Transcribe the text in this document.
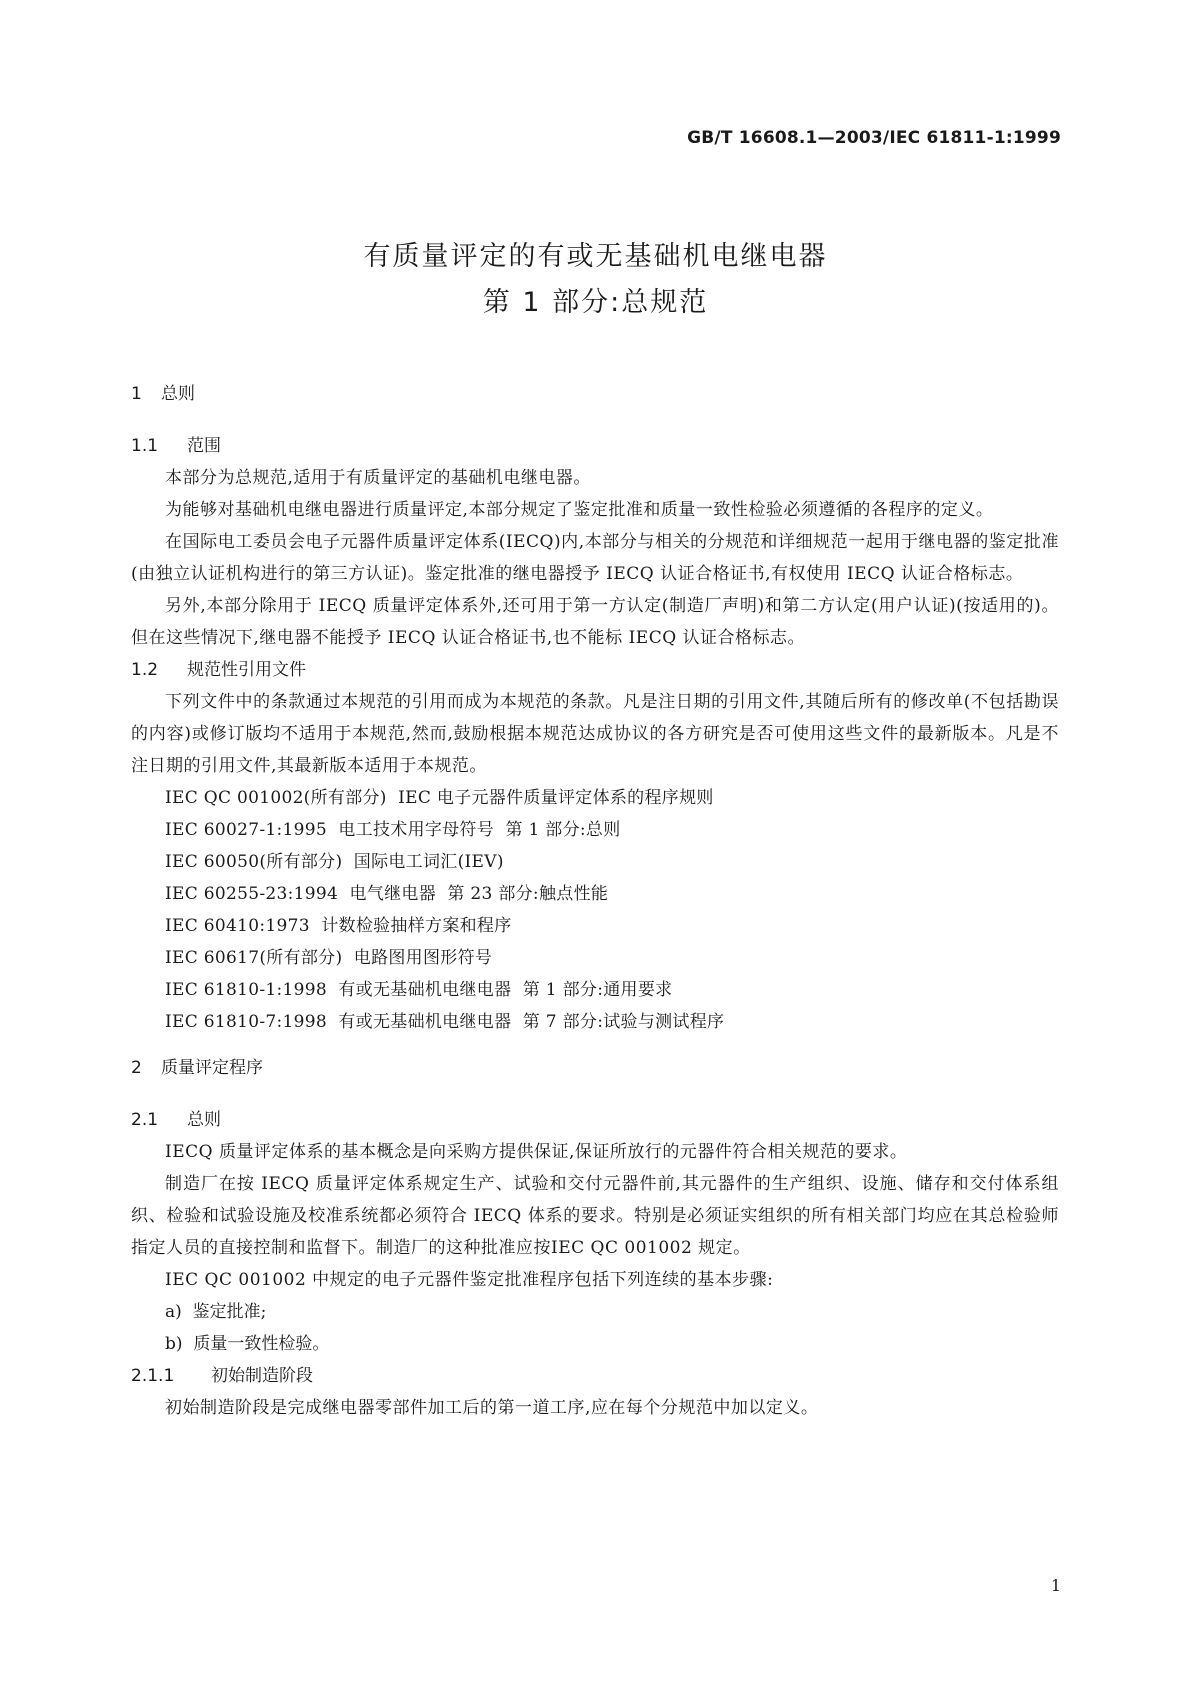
GB/T 16608.1—2003/IEC 61811-1:1999
有质量评定的有或无基础机电继电器
第 1 部分:总规范
1 总则
1.1 范围
本部分为总规范,适用于有质量评定的基础机电继电器。
为能够对基础机电继电器进行质量评定,本部分规定了鉴定批准和质量一致性检验必须遵循的各程序的定义。
在国际电工委员会电子元器件质量评定体系(IECQ)内,本部分与相关的分规范和详细规范一起用于继电器的鉴定批准(由独立认证机构进行的第三方认证)。鉴定批准的继电器授予 IECQ 认证合格证书,有权使用 IECQ 认证合格标志。
另外,本部分除用于 IECQ 质量评定体系外,还可用于第一方认定(制造厂声明)和第二方认定(用户认证)(按适用的)。但在这些情况下,继电器不能授予 IECQ 认证合格证书,也不能标 IECQ 认证合格标志。
1.2 规范性引用文件
下列文件中的条款通过本规范的引用而成为本规范的条款。凡是注日期的引用文件,其随后所有的修改单(不包括勘误的内容)或修订版均不适用于本规范,然而,鼓励根据本规范达成协议的各方研究是否可使用这些文件的最新版本。凡是不注日期的引用文件,其最新版本适用于本规范。
IEC QC 001002(所有部分)  IEC 电子元器件质量评定体系的程序规则
IEC 60027-1:1995  电工技术用字母符号  第 1 部分:总则
IEC 60050(所有部分)  国际电工词汇(IEV)
IEC 60255-23:1994  电气继电器  第 23 部分:触点性能
IEC 60410:1973  计数检验抽样方案和程序
IEC 60617(所有部分)  电路图用图形符号
IEC 61810-1:1998  有或无基础机电继电器  第 1 部分:通用要求
IEC 61810-7:1998  有或无基础机电继电器  第 7 部分:试验与测试程序
2 质量评定程序
2.1 总则
IECQ 质量评定体系的基本概念是向采购方提供保证,保证所放行的元器件符合相关规范的要求。
制造厂在按 IECQ 质量评定体系规定生产、试验和交付元器件前,其元器件的生产组织、设施、储存和交付体系组织、检验和试验设施及校准系统都必须符合 IECQ 体系的要求。特别是必须证实组织的所有相关部门均应在其总检验师指定人员的直接控制和监督下。制造厂的这种批准应按IEC QC 001002 规定。
IEC QC 001002 中规定的电子元器件鉴定批准程序包括下列连续的基本步骤:
a)  鉴定批准;
b)  质量一致性检验。
2.1.1 初始制造阶段
初始制造阶段是完成继电器零部件加工后的第一道工序,应在每个分规范中加以定义。
1
